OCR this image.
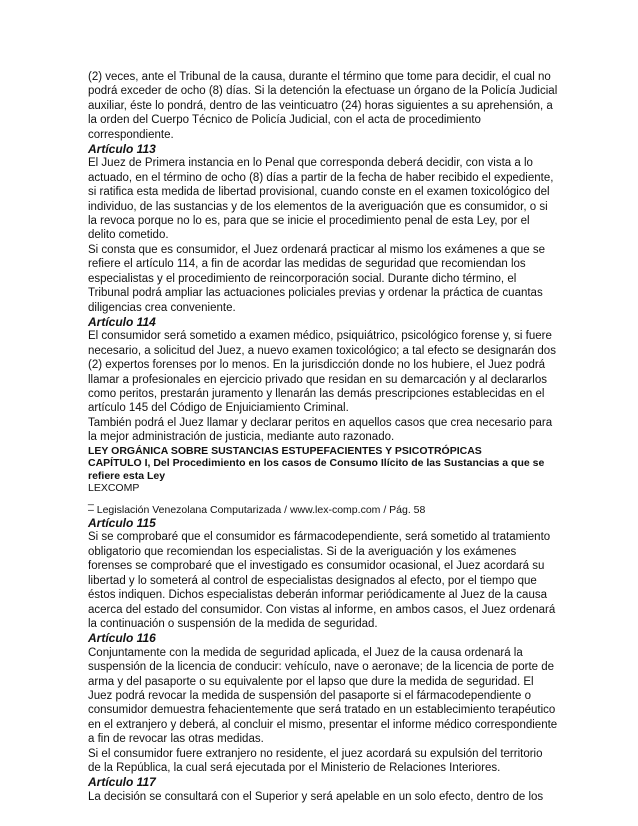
(2) veces, ante el Tribunal de la causa, durante el término que tome para decidir, el cual no podrá exceder de ocho (8) días. Si la detención la efectuase un órgano de la Policía Judicial auxiliar, éste lo pondrá, dentro de las veinticuatro (24) horas siguientes a su aprehensión, a la orden del Cuerpo Técnico de Policía Judicial, con el acta de procedimiento correspondiente.

Artículo 113

El Juez de Primera instancia en lo Penal que corresponda deberá decidir, con vista a lo actuado, en el término de ocho (8) días a partir de la fecha de haber recibido el expediente, si ratifica esta medida de libertad provisional, cuando conste en el examen toxicológico del individuo, de las sustancias y de los elementos de la averiguación que es consumidor, o si la revoca porque no lo es, para que se inicie el procedimiento penal de esta Ley, por el delito cometido.

Si consta que es consumidor, el Juez ordenará practicar al mismo los exámenes a que se refiere el artículo 114, a fin de acordar las medidas de seguridad que recomiendan los especialistas y el procedimiento de reincorporación social. Durante dicho término, el Tribunal podrá ampliar las actuaciones policiales previas y ordenar la práctica de cuantas diligencias crea conveniente.

Artículo 114

El consumidor será sometido a examen médico, psiquiátrico, psicológico forense y, si fuere necesario, a solicitud del Juez, a nuevo examen toxicológico; a tal efecto se designarán dos (2) expertos forenses por lo menos. En la jurisdicción donde no los hubiere, el Juez podrá llamar a profesionales en ejercicio privado que residan en su demarcación y al declararlos como peritos, prestarán juramento y llenarán las demás prescripciones establecidas en el artículo 145 del Código de Enjuiciamiento Criminal.

También podrá el Juez llamar y declarar peritos en aquellos casos que crea necesario para la mejor administración de justicia, mediante auto razonado.

LEY ORGÁNICA SOBRE SUSTANCIAS ESTUPEFACIENTES Y PSICOTRÓPICAS

CAPÍTULO I, Del Procedimiento en los casos de Consumo Ilícito de las Sustancias a que se refiere esta Ley

LEXCOMP

_

– Legislación Venezolana Computarizada / www.lex-comp.com / Pág. 58

Artículo 115

Si se comprobaré que el consumidor es fármacodependiente, será sometido al tratamiento obligatorio que recomiendan los especialistas. Si de la averiguación y los exámenes forenses se comprobaré que el investigado es consumidor ocasional, el Juez acordará su libertad y lo someterá al control de especialistas designados al efecto, por el tiempo que éstos indiquen. Dichos especialistas deberán informar periódicamente al Juez de la causa acerca del estado del consumidor. Con vistas al informe, en ambos casos, el Juez ordenará la continuación o suspensión de la medida de seguridad.

Artículo 116

Conjuntamente con la medida de seguridad aplicada, el Juez de la causa ordenará la suspensión de la licencia de conducir: vehículo, nave o aeronave; de la licencia de porte de arma y del pasaporte o su equivalente por el lapso que dure la medida de seguridad. El Juez podrá revocar la medida de suspensión del pasaporte si el fármacodependiente o consumidor demuestra fehacientemente que será tratado en un establecimiento terapéutico en el extranjero y deberá, al concluir el mismo, presentar el informe médico correspondiente a fin de revocar las otras medidas.

Si el consumidor fuere extranjero no residente, el juez acordará su expulsión del territorio de la República, la cual será ejecutada por el Ministerio de Relaciones Interiores.

Artículo 117

La decisión se consultará con el Superior y será apelable en un solo efecto, dentro de los
